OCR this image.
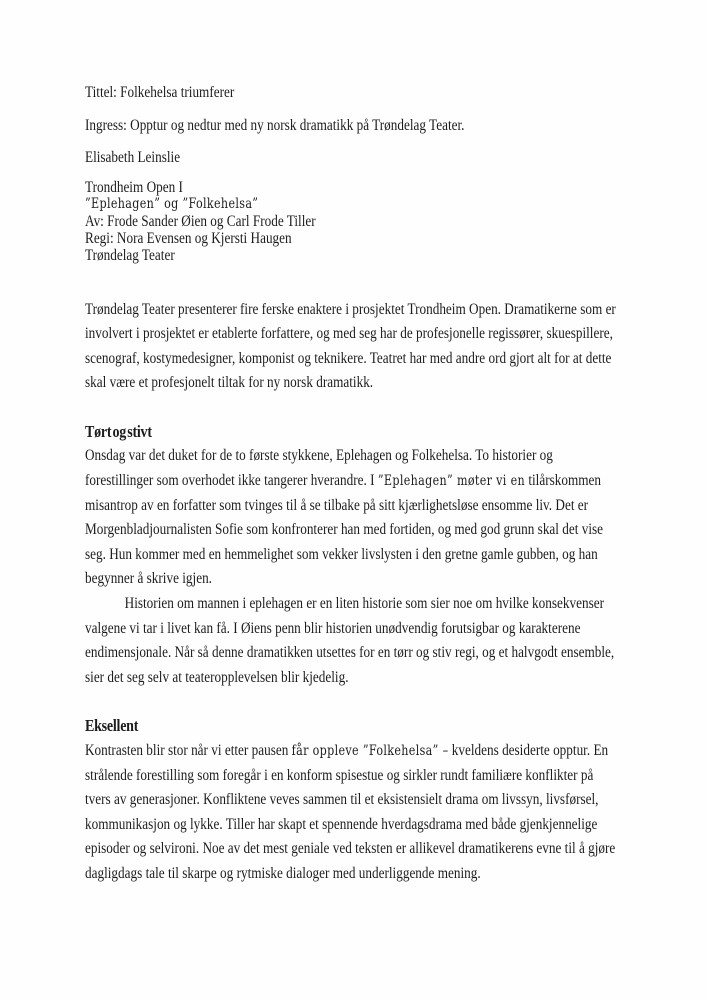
Tittel: Folkehelsa triumferer

Ingress: Opptur og nedtur med ny norsk dramatikk på Trøndelag Teater.

Elisabeth Leinslie

Trondheim Open I

”Eplehagen” og ”Folkehelsa”

Av: Frode Sander Øien og Carl Frode Tiller

Regi: Nora Evensen og Kjersti Haugen

Trøndelag Teater

Trøndelag Teater presenterer fire ferske enaktere i prosjektet Trondheim Open. Dramatikerne som er involvert i prosjektet er etablerte forfattere, og med seg har de profesjonelle regissører, skuespillere, scenograf, kostymedesigner, komponist og teknikere. Teatret har med andre ord gjort alt for at dette skal være et profesjonelt tiltak for ny norsk dramatikk.

Tørt og stivt

Onsdag var det duket for de to første stykkene, Eplehagen og Folkehelsa. To historier og forestillinger som overhodet ikke tangerer hverandre. I ”Eplehagen” møter vi en tilårskommen misantrop av en forfatter som tvinges til å se tilbake på sitt kjærlighetsløse ensomme liv. Det er Morgenbladjournalisten Sofie som konfronterer han med fortiden, og med god grunn skal det vise seg. Hun kommer med en hemmelighet som vekker livslysten i den gretne gamle gubben, og han begynner å skrive igjen.

Historien om mannen i eplehagen er en liten historie som sier noe om hvilke konsekvenser valgene vi tar i livet kan få. I Øiens penn blir historien unødvendig forutsigbar og karakterene endimensjonale. Når så denne dramatikken utsettes for en tørr og stiv regi, og et halvgodt ensemble, sier det seg selv at teateropplevelsen blir kjedelig.

Eksellent

Kontrasten blir stor når vi etter pausen får oppleve ”Folkehelsa” – kveldens desiderte opptur. En strålende forestilling som foregår i en konform spisestue og sirkler rundt familiære konflikter på tvers av generasjoner. Konfliktene veves sammen til et eksistensielt drama om livssyn, livsførsel, kommunikasjon og lykke. Tiller har skapt et spennende hverdagsdrama med både gjenkjennelige episoder og selvironi. Noe av det mest geniale ved teksten er allikevel dramatikerens evne til å gjøre dagligdags tale til skarpe og rytmiske dialoger med underliggende mening.
